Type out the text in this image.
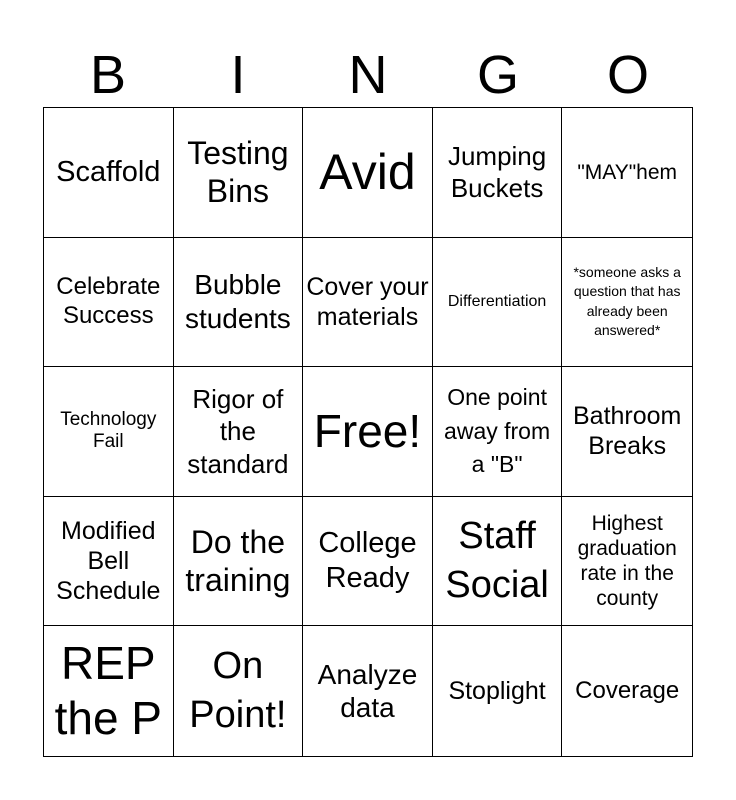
B	I	N	G	O
Scaffold
Testing Bins	Avid	Jumping Buckets
"MAY"hem
Celebrate Success
Bubble students
Cover your materials
Differentiation
*someone asks a question that has already been answered*
Technology Fail
Rigor of the standard
Free!
One point away from a "B"
Bathroom Breaks
Modified Bell Schedule
Do the training
College Ready
Staff Social
Highest graduation rate in the county
REP the P
On Point!
Analyze data
Stoplight Coverage
